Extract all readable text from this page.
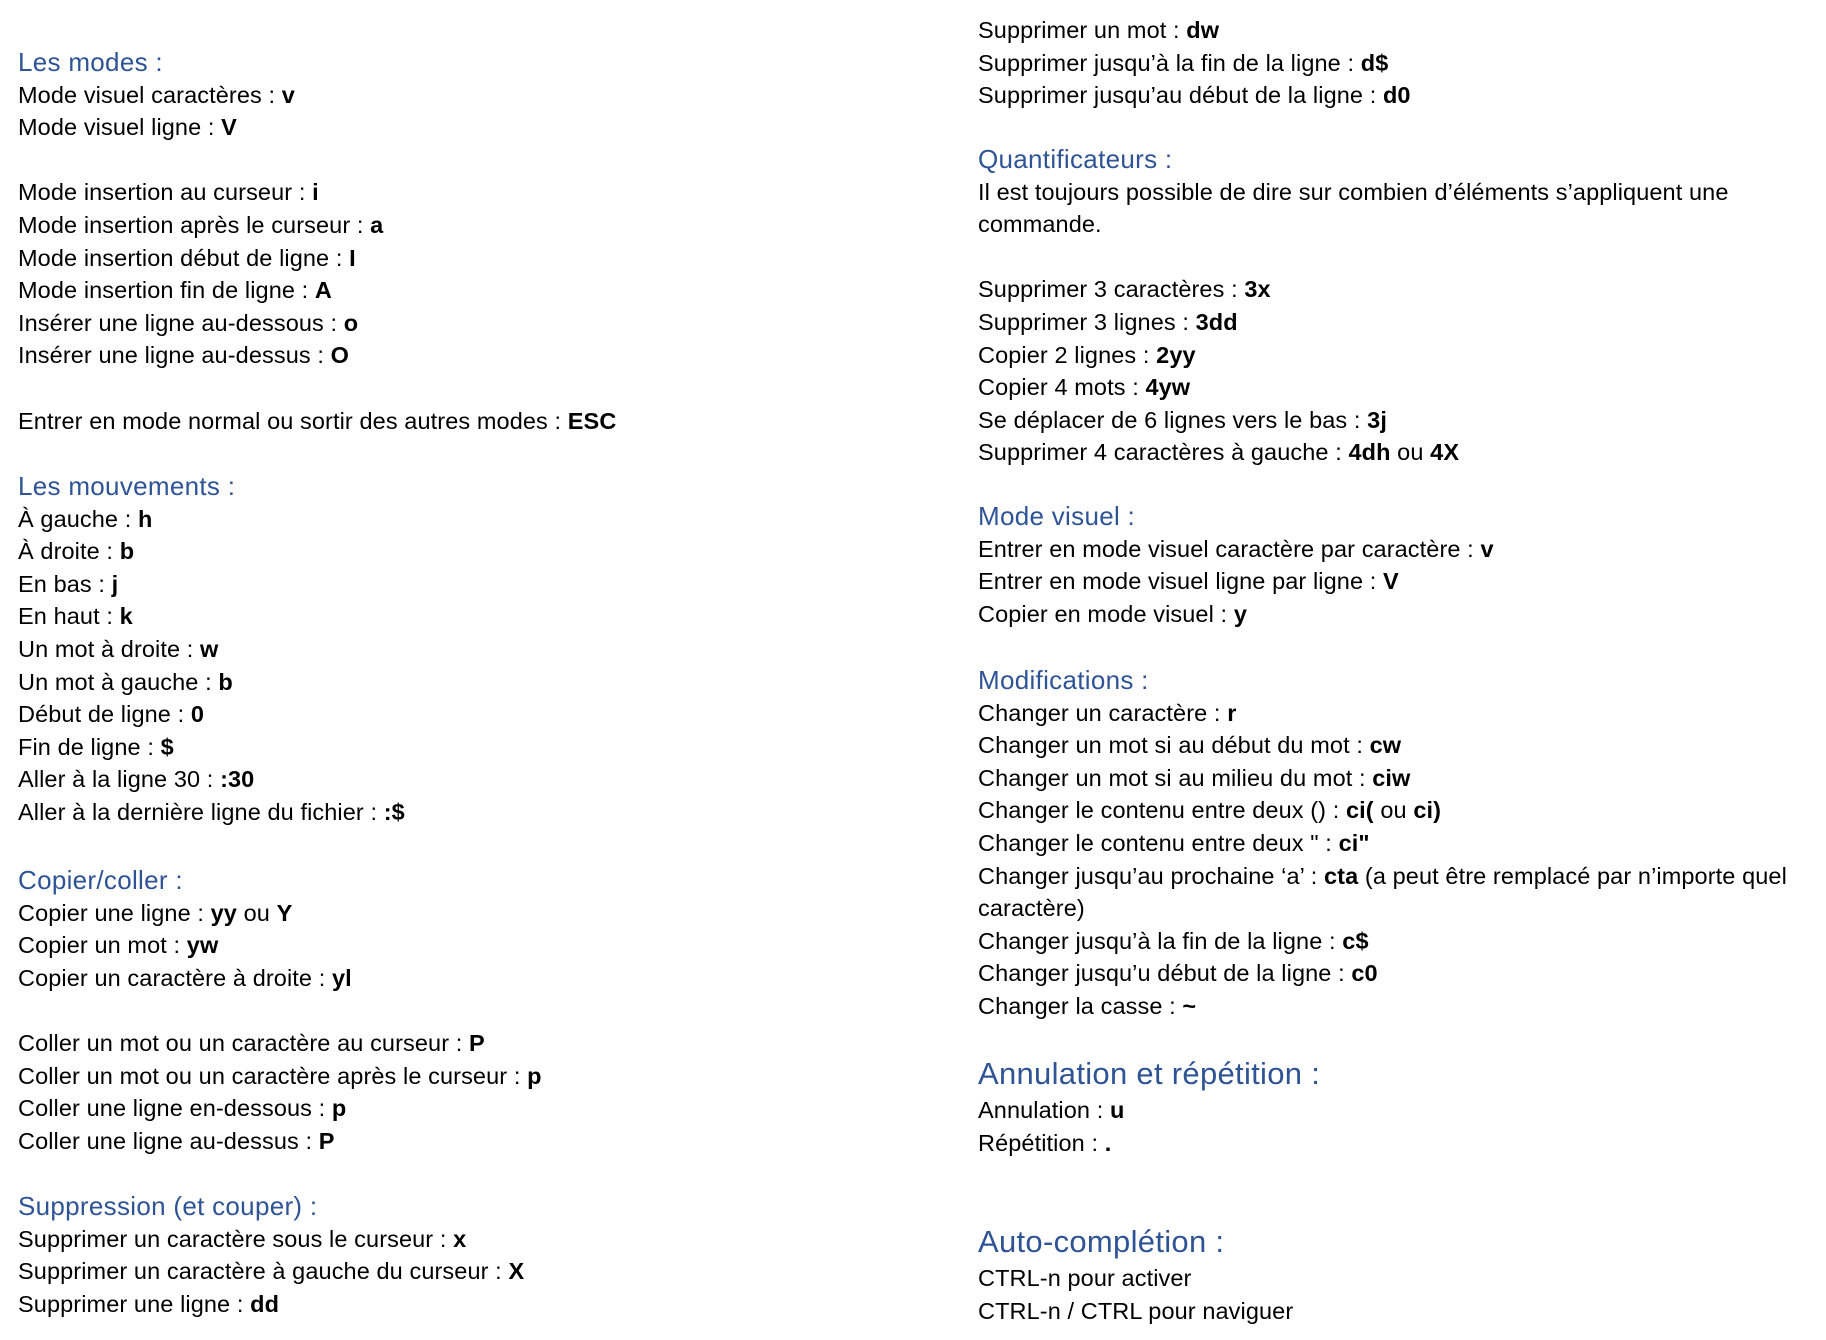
Les modes :
Mode visuel caractères : v
Mode visuel ligne : V

Mode insertion au curseur : i
Mode insertion après le curseur : a
Mode insertion début de ligne : I
Mode insertion fin de ligne : A
Insérer une ligne au-dessous : o
Insérer une ligne au-dessus : O

Entrer en mode normal ou sortir des autres modes : ESC
Les mouvements :
À gauche : h
À droite : b
En bas : j
En haut : k
Un mot à droite : w
Un mot à gauche : b
Début de ligne : 0
Fin de ligne : $
Aller à la ligne 30 : :30
Aller à la dernière ligne du fichier : :$
Copier/coller :
Copier une ligne : yy ou Y
Copier un mot : yw
Copier un caractère à droite : yl

Coller un mot ou un caractère au curseur : P
Coller un mot ou un caractère après le curseur : p
Coller une ligne en-dessous : p
Coller une ligne au-dessus : P
Suppression (et couper) :
Supprimer un caractère sous le curseur : x
Supprimer un caractère à gauche du curseur : X
Supprimer une ligne : dd
Supprimer un mot : dw
Supprimer jusqu’à la fin de la ligne : d$
Supprimer jusqu’au début de la ligne : d0
Quantificateurs :
Il est toujours possible de dire sur combien d’éléments s’appliquent une commande.
Supprimer 3 caractères : 3x
Supprimer 3 lignes : 3dd
Copier 2 lignes : 2yy
Copier 4 mots : 4yw
Se déplacer de 6 lignes vers le bas : 3j
Supprimer 4 caractères à gauche : 4dh ou 4X
Mode visuel :
Entrer en mode visuel caractère par caractère : v
Entrer en mode visuel ligne par ligne : V
Copier en mode visuel : y
Modifications :
Changer un caractère : r
Changer un mot si au début du mot : cw
Changer un mot si au milieu du mot : ciw
Changer le contenu entre deux () : ci( ou ci)
Changer le contenu entre deux " : ci"
Changer jusqu’au prochaine ‘a’ : cta (a peut être remplacé par n’importe quel caractère)
Changer jusqu’à la fin de la ligne : c$
Changer jusqu’u début de la ligne : c0
Changer la casse : ~
Annulation et répétition :
Annulation : u
Répétition : .
Auto-complétion :
CTRL-n pour activer
CTRL-n / CTRL pour naviguer
